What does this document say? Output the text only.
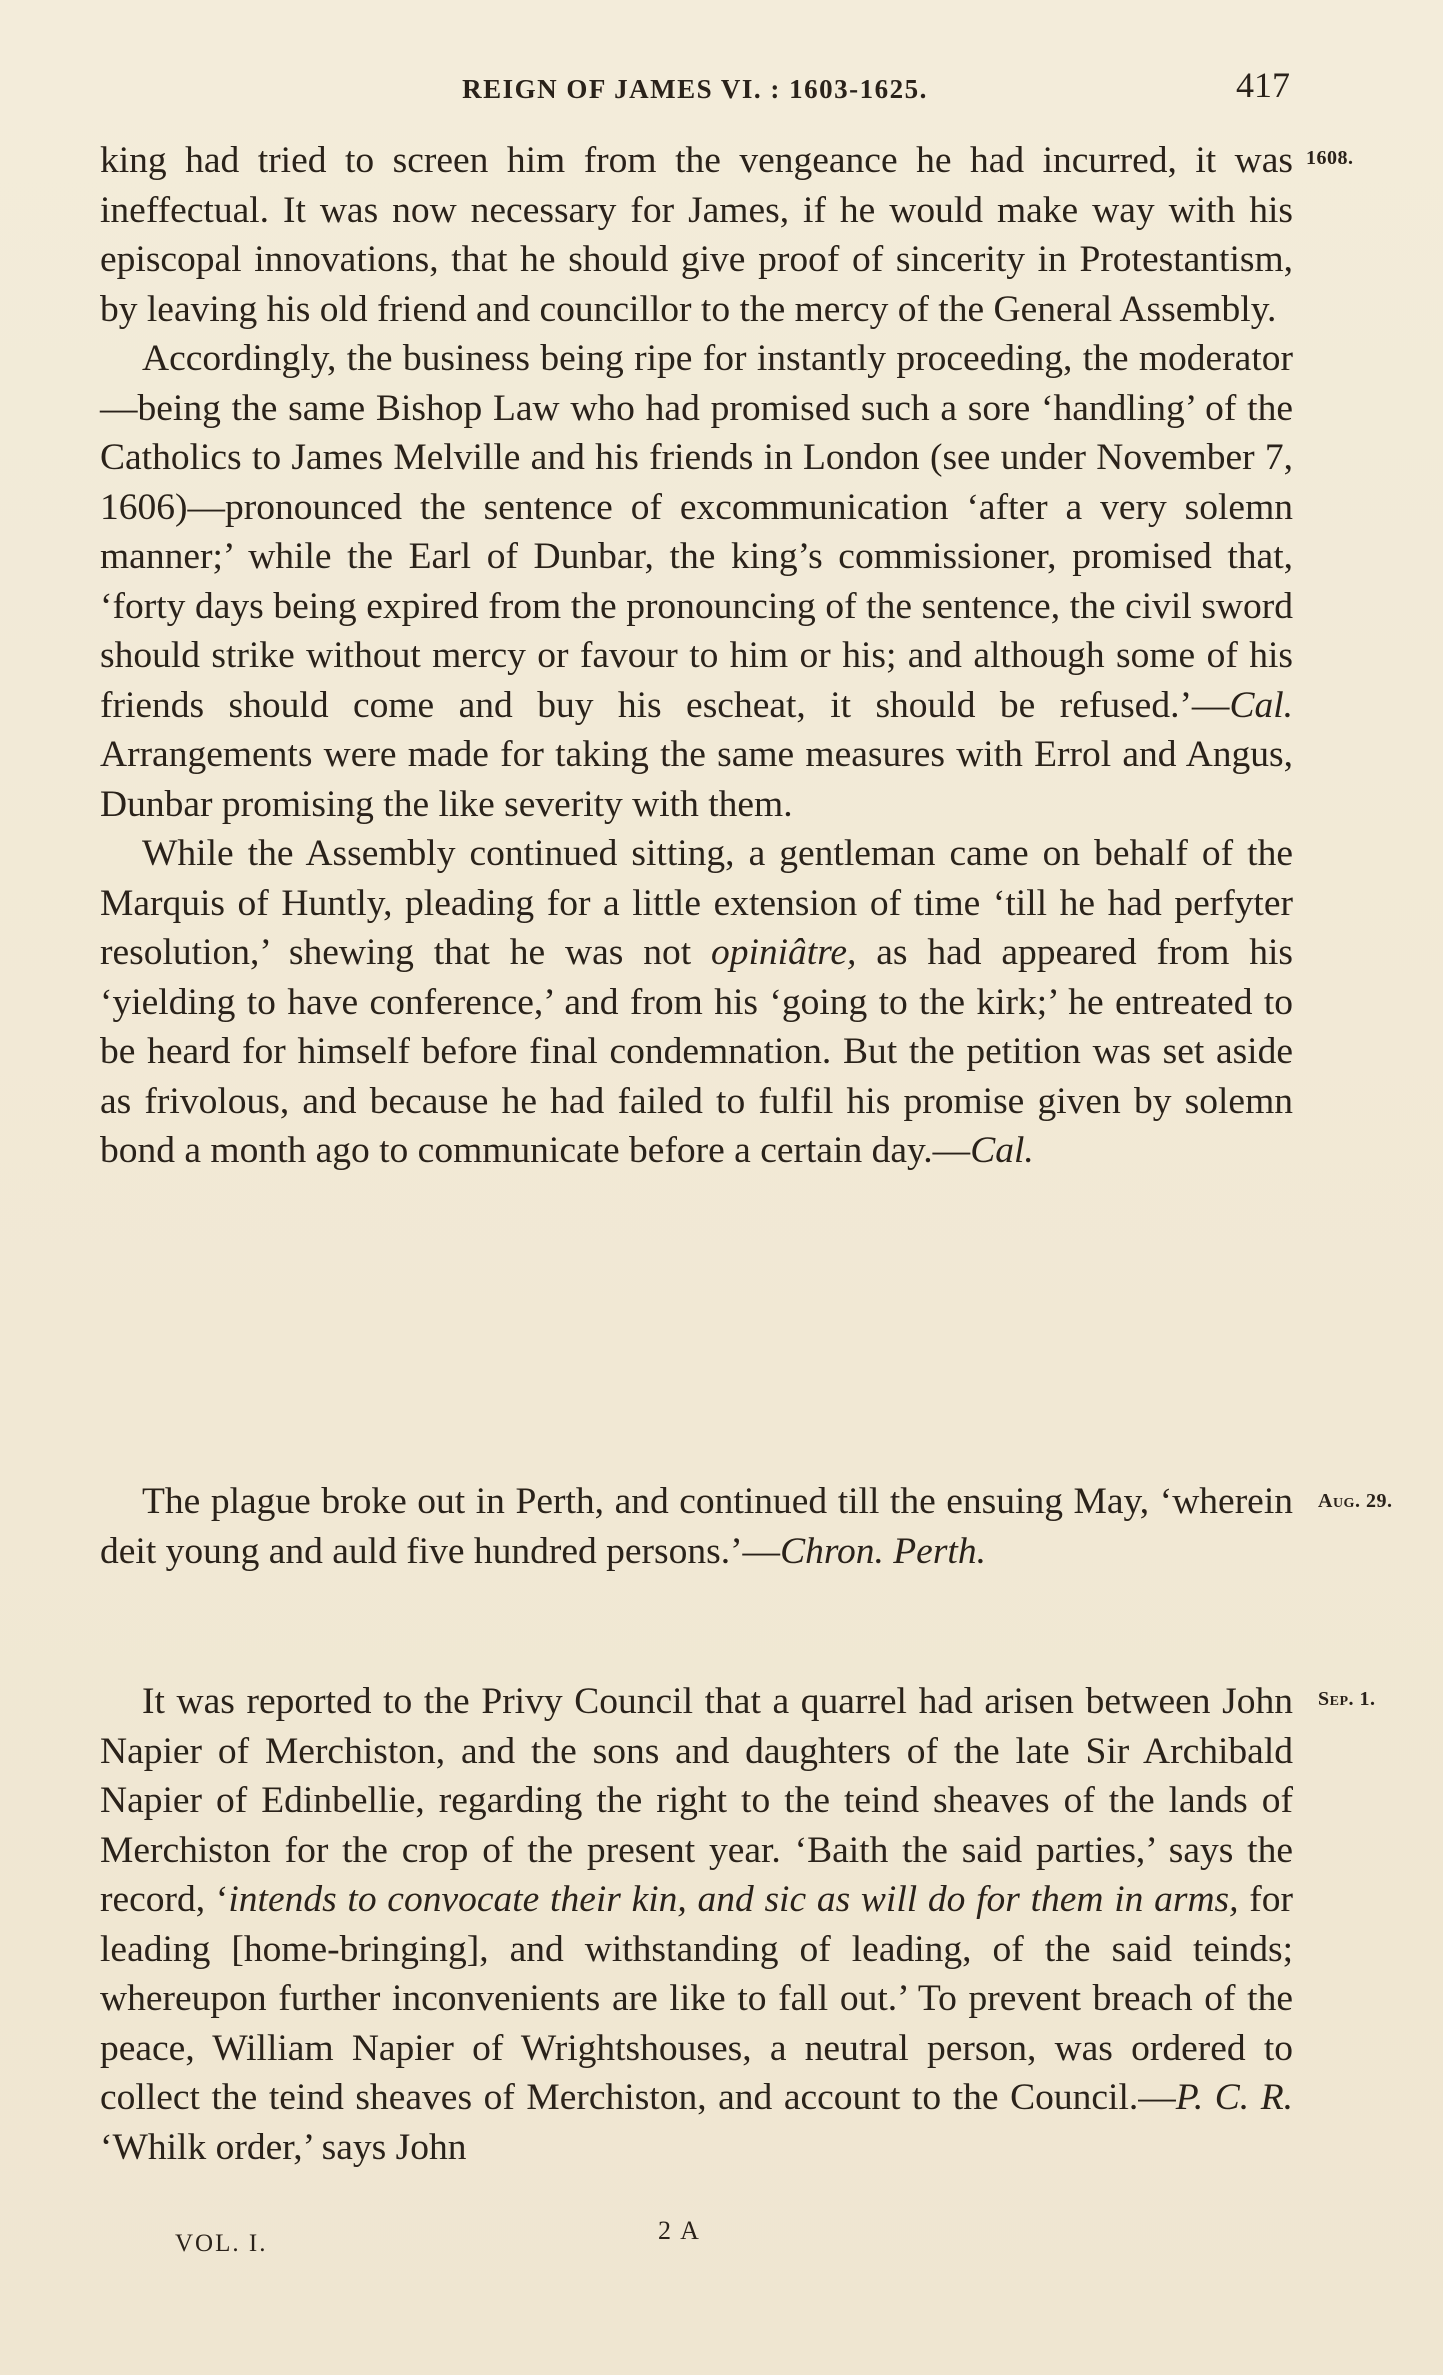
REIGN OF JAMES VI. : 1603-1625.	417
1608.
Aug. 29.
Sep. 1.

king had tried to screen him from the vengeance he had incurred, it was ineffectual. It was now necessary for James, if he would make way with his episcopal innovations, that he should give proof of sincerity in Protestantism, by leaving his old friend and councillor to the mercy of the General Assembly.

Accordingly, the business being ripe for instantly proceeding, the moderator—being the same Bishop Law who had promised such a sore ‘handling’ of the Catholics to James Melville and his friends in London (see under November 7, 1606)—pronounced the sentence of excommunication ‘after a very solemn manner;’ while the Earl of Dunbar, the king’s commissioner, promised that, ‘forty days being expired from the pronouncing of the sentence, the civil sword should strike without mercy or favour to him or his; and although some of his friends should come and buy his escheat, it should be refused.’—Cal. Arrangements were made for taking the same measures with Errol and Angus, Dunbar promising the like severity with them.

While the Assembly continued sitting, a gentleman came on behalf of the Marquis of Huntly, pleading for a little extension of time ‘till he had perfyter resolution,’ shewing that he was not opiniâtre, as had appeared from his ‘yielding to have conference,’ and from his ‘going to the kirk;’ he entreated to be heard for himself before final condemnation. But the petition was set aside as frivolous, and because he had failed to fulfil his promise given by solemn bond a month ago to communicate before a certain day.—Cal.

The plague broke out in Perth, and continued till the ensuing May, ‘wherein deit young and auld five hundred persons.’—Chron. Perth.

It was reported to the Privy Council that a quarrel had arisen between John Napier of Merchiston, and the sons and daughters of the late Sir Archibald Napier of Edinbellie, regarding the right to the teind sheaves of the lands of Merchiston for the crop of the present year. ‘Baith the said parties,’ says the record, ‘intends to convocate their kin, and sic as will do for them in arms, for leading [home-bringing], and withstanding of leading, of the said teinds; whereupon further inconvenients are like to fall out.’ To prevent breach of the peace, William Napier of Wrightshouses, a neutral person, was ordered to collect the teind sheaves of Merchiston, and account to the Council.—P. C. R. ‘Whilk order,’ says John

VOL. I.	2 A
